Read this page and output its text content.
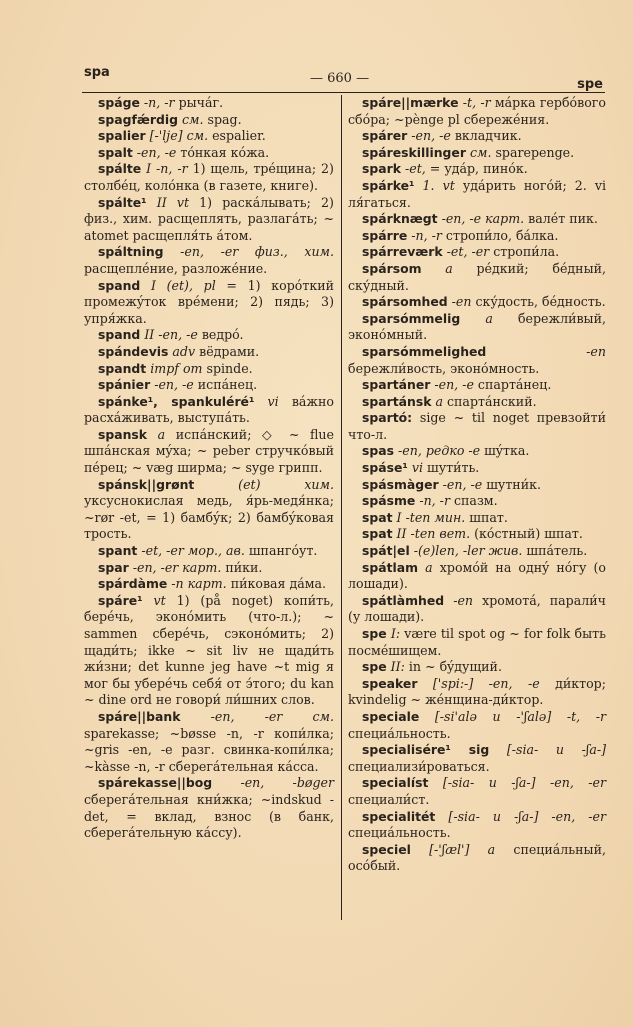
spa	— 660 —	spe

spáge -n, -r рычáг.

spagfǽrdig см. spag.

spalier [-'lje] см. espalier.

spalt -en, -e тóнкая кóжа.

spálte I -n, -r 1) щель, трéщина; 2) столбéц, колóнка (в газете, книге).

spálte¹ II vt 1) раскáлывать; 2) физ., хим. расщеплять, разлагáть; ~ atomet расщепля́ть áтом.

spáltning -en, -er физ., хим. расщеплéние, разложéние.

spand I (et), pl = 1) корóткий промежýток врéмени; 2) пядь; 3) упря́жка.

spand II -en, -e ведрó.

spándevis adv вёдрами.

spandt impf om spinde.

spánier -en, -e испáнец.

spánke¹, spankuléré¹ vi вáжно расхáживать, выступáть.

spansk a испáнский; ◇ ~ flue шпáнская мýха; ~ peber стручкóвый пéрец; ~ væg ширма; ~ syge грипп.

spánsk||grønt	(et) хим. уксуснокислая медь, я́рь-медя́нка; ~rør -et, = 1) бамбýк; 2) бамбýковая трость.

spant -et, -er мор., ав. шпангóут.

spar -en, -er карт. пи́ки.

spárdàme -n карт. пи́ковая дáма.

spáre¹ vt 1) (på noget) копи́ть, берéчь, эконóмить (что-л.); ~ sammen сберéчь, сэконóмить; 2) щади́ть; ikke ~ sit liv не щади́ть жи́зни; det kunne jeg have ~t mig я мог бы уберéчь себя́ от э́того; du kan ~ dine ord не говори́ ли́шних слов.

spáre||bank -en, -er см. sparekasse; ~bøsse -n, -r копи́лка; ~gris -en, -e разг. свинка-копи́лка; ~kàsse -n, -r сберегáтельная кáсса.

spárekasse||bog -en, -bøger сберегáтельная кни́жка; ~indskud -det, = вклад, взнос (в банк, сберегáтельную кáссу).

spáre||mærke -t, -r мáрка гербóвого сбóра; ~pènge pl сбережéния.

spárer -en, -e вкладчик.

spáreskillinger см. sparepenge.

spark -et, = удáр, пинóк.

spárke¹ 1. vt удáрить ногóй; 2. vi ля́гаться.

spárknægt -en, -e карт. валéт пик.

spárre -n, -r стропи́ло, бáлка.

spárreværk -et, -er стропи́ла.

spársom a рéдкий; бéдный, ску́дный.

spársomhed -en ску́дость, бéдность.

sparsómmelig a бережли́вый, эконóмный.

sparsómmelighed	-en бережли́вость, эконóмность.

spartáner -en, -e спартáнец.

spartánsk a спартáнский.

spartó: sige ~ til noget превзойти́ что-л.

spas -en, редко -e шýтка.

spáse¹ vi шути́ть.

spásmàger -en, -e шутни́к.

spásme -n, -r спазм.

spat I -ten мин. шпат.

spat II -ten вет. (кóстный) шпат.

spát|el -(e)len, -ler жив. шпáтель.

spátlam a хромóй на однý нóгу (о лошади).

spátlàmhed -en хромотá, парали́ч (у лошади).

spe I: være til spot og ~ for folk быть посмéшищем.

spe II: in ~ бýдущий.

speaker ['spi:-] -en, -e ди́ктор; kvindelig ~ жéнщина-ди́ктор.

speciale [-si'alə u -'ʃalə] -t, -r специáльность.

specialisére¹ sig [-sia- u -ʃa-] специализи́роваться.

specialíst [-sia- u -ʃa-] -en, -er специали́ст.

specialitét [-sia- u -ʃa-] -en, -er специáльность.

speciel [-'ʃæl'] a специáльный, осóбый.
